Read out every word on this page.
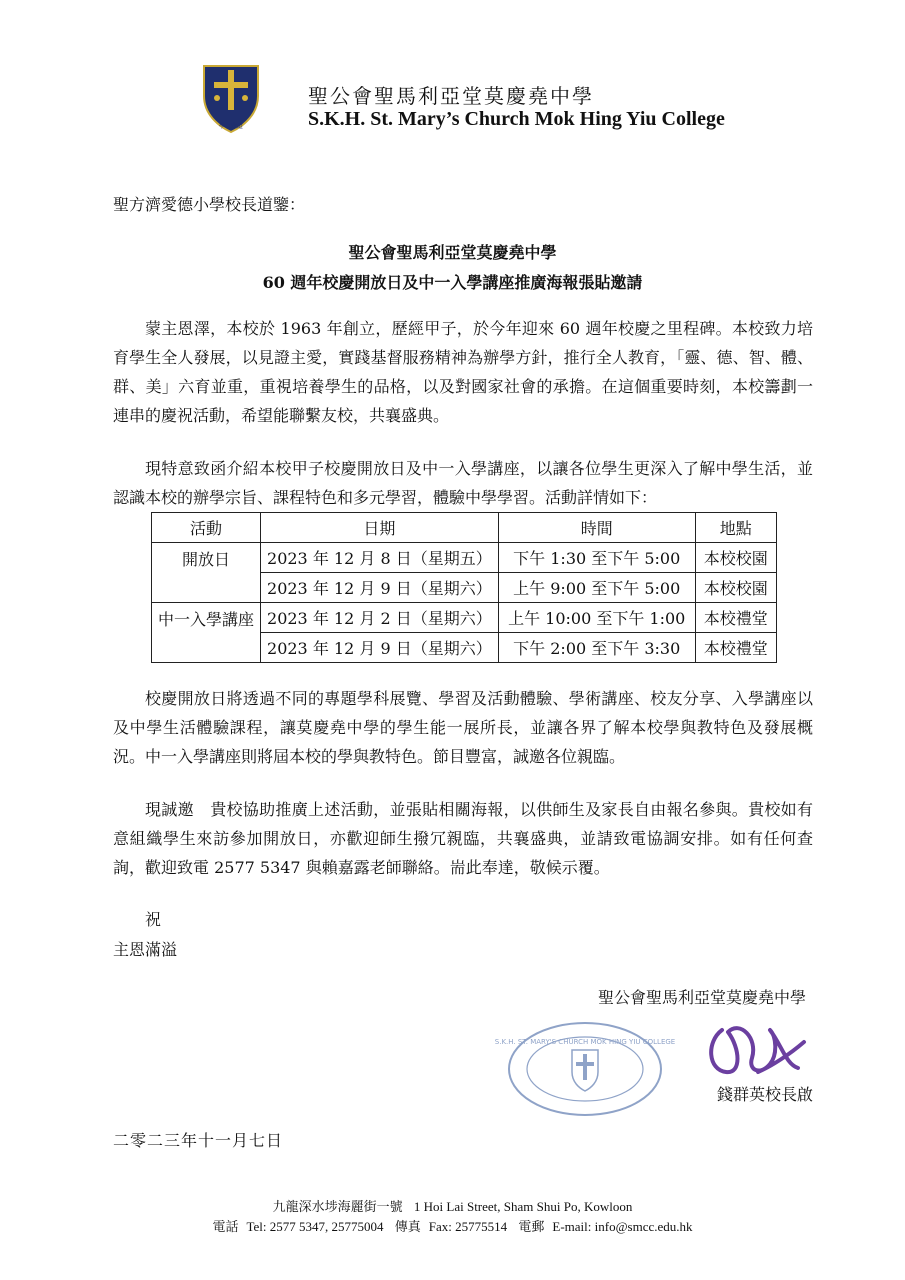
學以致道
聖公會聖馬利亞堂莫慶堯中學
S.K.H. St. Mary’s Church Mok Hing Yiu College
聖方濟愛德小學校長道鑒：
聖公會聖馬利亞堂莫慶堯中學
60 週年校慶開放日及中一入學講座推廣海報張貼邀請

蒙主恩澤，本校於 1963 年創立，歷經甲子，於今年迎來 60 週年校慶之里程碑。本校致力培育學生全人發展，以見證主愛，實踐基督服務精神為辦學方針，推行全人教育，「靈、德、智、體、群、美」六育並重，重視培養學生的品格，以及對國家社會的承擔。在這個重要時刻，本校籌劃一連串的慶祝活動，希望能聯繫友校，共襄盛典。

現特意致函介紹本校甲子校慶開放日及中一入學講座，以讓各位學生更深入了解中學生活，並認識本校的辦學宗旨、課程特色和多元學習，體驗中學學習。活動詳情如下：

活動	日期	時間	地點
開放日	2023 年 12 月 8 日（星期五）	下午 1:30 至下午 5:00	本校校園
	2023 年 12 月 9 日（星期六）	上午 9:00 至下午 5:00	本校校園
中一入學講座	2023 年 12 月 2 日（星期六）	上午 10:00 至下午 1:00	本校禮堂
	2023 年 12 月 9 日（星期六）	下午 2:00 至下午 3:30	本校禮堂

校慶開放日將透過不同的專題學科展覽、學習及活動體驗、學術講座、校友分享、入學講座以及中學生活體驗課程，讓莫慶堯中學的學生能一展所長，並讓各界了解本校學與教特色及發展概況。中一入學講座則將屆本校的學與教特色。節目豐富，誠邀各位親臨。

現誠邀　貴校協助推廣上述活動，並張貼相關海報，以供師生及家長自由報名參與。貴校如有意組織學生來訪參加開放日，亦歡迎師生撥冗親臨，共襄盛典，並請致電協調安排。如有任何查詢，歡迎致電 2577 5347 與賴嘉露老師聯絡。耑此奉達，敬候示覆。

祝
主恩滿溢
聖公會聖馬利亞堂莫慶堯中學
S.K.H. ST. MARY'S CHURCH MOK HING YIU COLLEGE
錢群英校長啟
二零二三年十一月七日
九龍深水埗海麗街一號 1 Hoi Lai Street, Sham Shui Po, Kowloon
電話 Tel: 2577 5347, 25775004 傳真 Fax: 25775514 電郵 E-mail: info@smcc.edu.hk
